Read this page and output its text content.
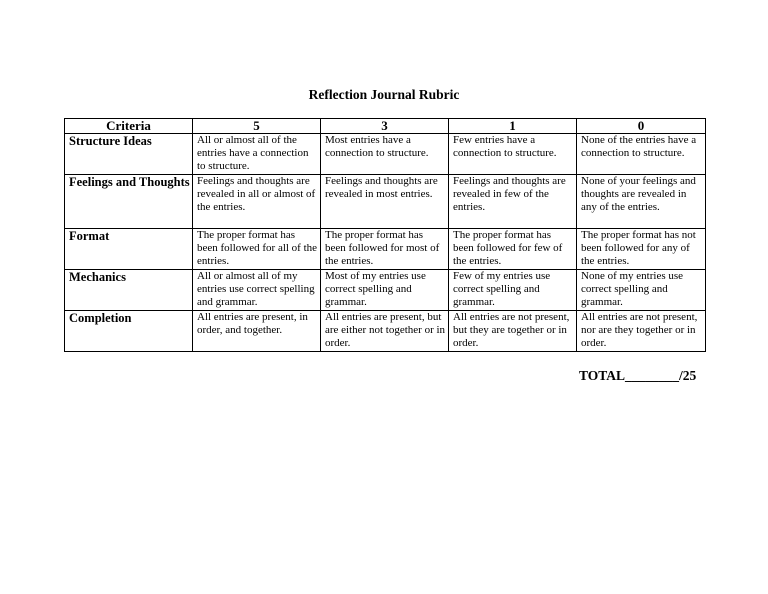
Reflection Journal Rubric
Criteria	5	3	1	0
Structure Ideas	All or almost all of the entries have a connection to structure.	Most entries have a connection to structure.	Few entries have a connection to structure.	None of the entries have a connection to structure.
Feelings and Thoughts	Feelings and thoughts are revealed in all or almost of the entries.	Feelings and thoughts are revealed in most entries.	Feelings and thoughts are revealed in few of the entries.	None of your feelings and thoughts are revealed in any of the entries.
Format	The proper format has been followed for all of the entries.	The proper format has been followed for most of the entries.	The proper format has been followed for few of the entries.	The proper format has not been followed for any of the entries.
Mechanics	All or almost all of my entries use correct spelling and grammar.	Most of my entries use correct spelling and grammar.	Few of my entries use correct spelling and grammar.	None of my entries use correct spelling and grammar.
Completion	All entries are present, in order, and together.	All entries are present, but are either not together or in order.	All entries are not present, but they are together or in order.	All entries are not present, nor are they together or in order.
TOTAL________/25
